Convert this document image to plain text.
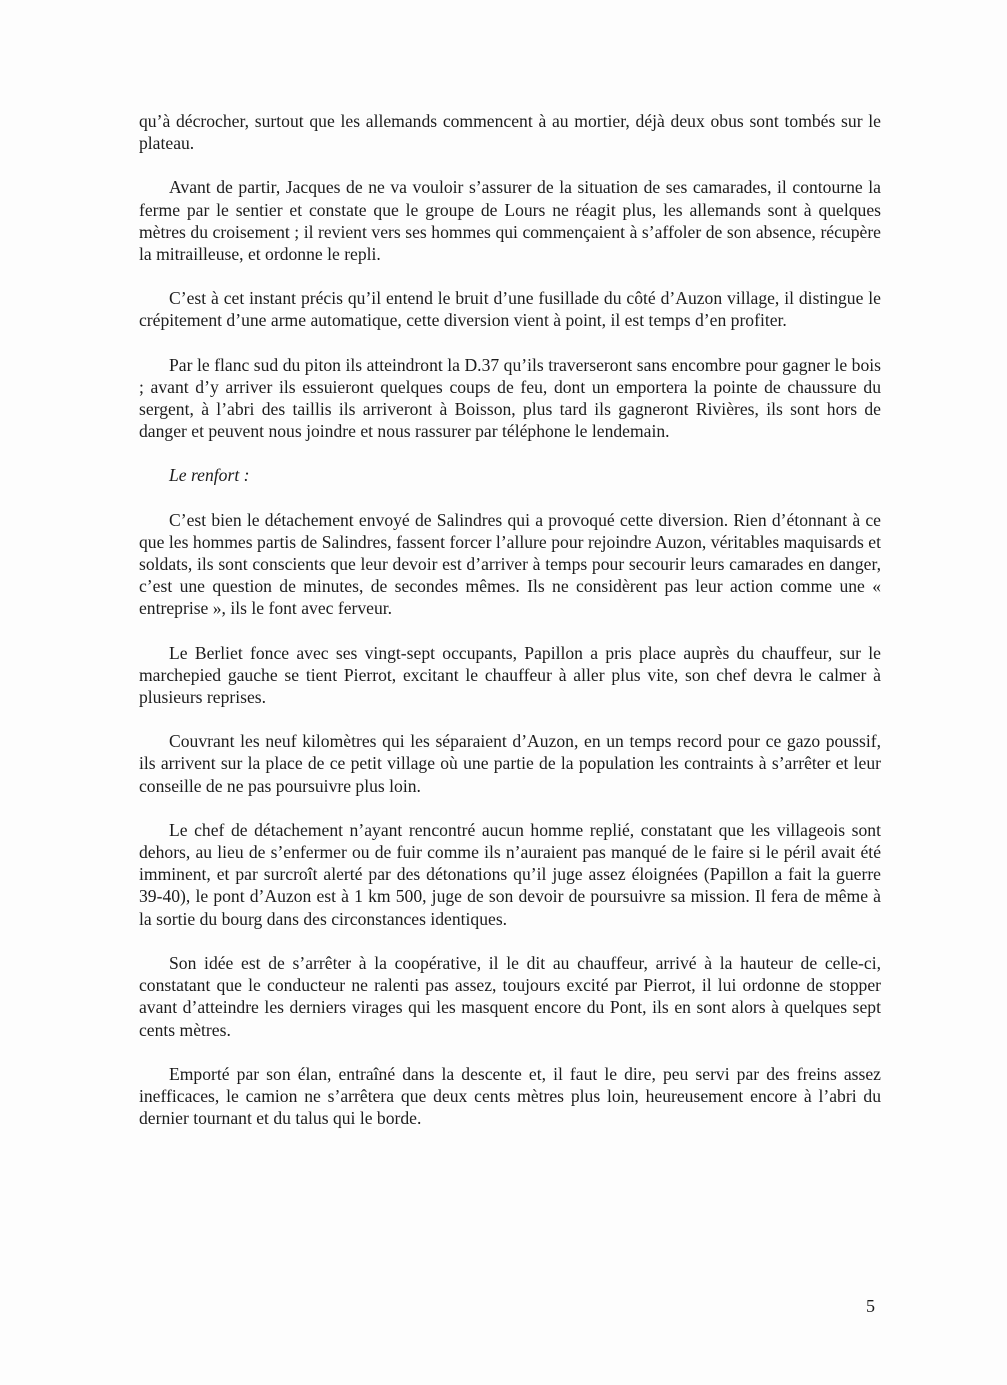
qu’à décrocher, surtout que les allemands commencent à au mortier, déjà deux obus sont tombés sur le plateau.

Avant de partir, Jacques de ne va vouloir s’assurer de la situation de ses camarades, il contourne la ferme par le sentier et constate que le groupe de Lours ne réagit plus, les allemands sont à quelques mètres du croisement ; il revient vers ses hommes qui commençaient à s’affoler de son absence, récupère la mitrailleuse, et ordonne le repli.

C’est à cet instant précis qu’il entend le bruit d’une fusillade du côté d’Auzon village, il distingue le crépitement d’une arme automatique, cette diversion vient à point, il est temps d’en profiter.

Par le flanc sud du piton ils atteindront la D.37 qu’ils traverseront sans encombre pour gagner le bois ; avant d’y arriver ils essuieront quelques coups de feu, dont un emportera la pointe de chaussure du sergent, à l’abri des taillis ils arriveront à Boisson, plus tard ils gagneront Rivières, ils sont hors de danger et peuvent nous joindre et nous rassurer par téléphone le lendemain.

Le renfort :

C’est bien le détachement envoyé de Salindres qui a provoqué cette diversion. Rien d’étonnant à ce que les hommes partis de Salindres, fassent forcer l’allure pour rejoindre Auzon, véritables maquisards et soldats, ils sont conscients que leur devoir est d’arriver à temps pour secourir leurs camarades en danger, c’est une question de minutes, de secondes mêmes. Ils ne considèrent pas leur action comme une « entreprise », ils le font avec ferveur.

Le Berliet fonce avec ses vingt-sept occupants, Papillon a pris place auprès du chauffeur, sur le marchepied gauche se tient Pierrot, excitant le chauffeur à aller plus vite, son chef devra le calmer à plusieurs reprises.

Couvrant les neuf kilomètres qui les séparaient d’Auzon, en un temps record pour ce gazo poussif, ils arrivent sur la place de ce petit village où une partie de la population les contraints à s’arrêter et leur conseille de ne pas poursuivre plus loin.

Le chef de détachement n’ayant rencontré aucun homme replié, constatant que les villageois sont dehors, au lieu de s’enfermer ou de fuir comme ils n’auraient pas manqué de le faire si le péril avait été imminent, et par surcroît alerté par des détonations qu’il juge assez éloignées (Papillon a fait la guerre 39-40), le pont d’Auzon est à 1 km 500, juge de son devoir de poursuivre sa mission. Il fera de même à la sortie du bourg dans des circonstances identiques.

Son idée est de s’arrêter à la coopérative, il le dit au chauffeur, arrivé à la hauteur de celle-ci, constatant que le conducteur ne ralenti pas assez, toujours excité par Pierrot, il lui ordonne de stopper avant d’atteindre les derniers virages qui les masquent encore du Pont, ils en sont alors à quelques sept cents mètres.

Emporté par son élan, entraîné dans la descente et, il faut le dire, peu servi par des freins assez inefficaces, le camion ne s’arrêtera que deux cents mètres plus loin, heureusement encore à l’abri du dernier tournant et du talus qui le borde.

5
